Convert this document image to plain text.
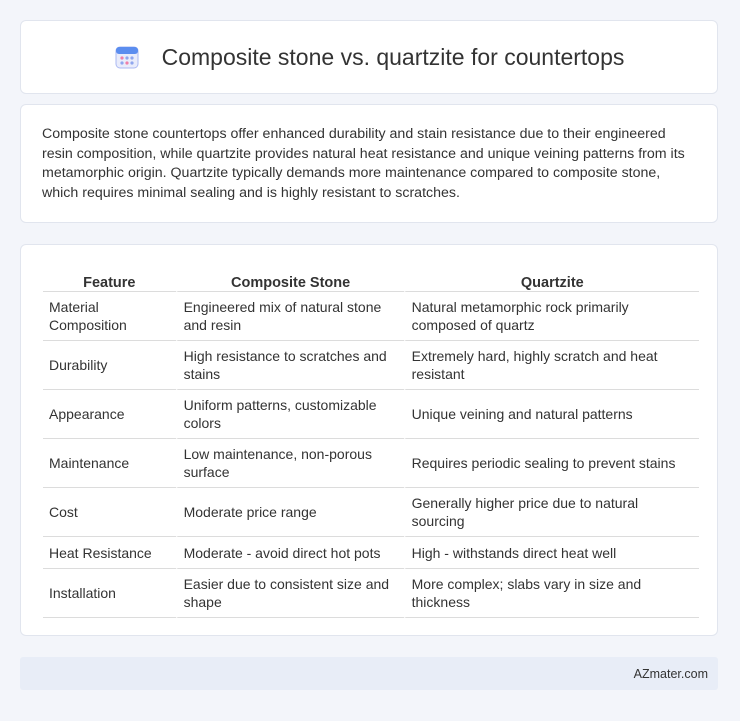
Composite stone vs. quartzite for countertops

Composite stone countertops offer enhanced durability and stain resistance due to their engineered resin composition, while quartzite provides natural heat resistance and unique veining patterns from its metamorphic origin. Quartzite typically demands more maintenance compared to composite stone, which requires minimal sealing and is highly resistant to scratches.

Feature	Composite Stone	Quartzite
Material Composition	Engineered mix of natural stone and resin	Natural metamorphic rock primarily composed of quartz
Durability	High resistance to scratches and stains	Extremely hard, highly scratch and heat resistant
Appearance	Uniform patterns, customizable colors	Unique veining and natural patterns
Maintenance	Low maintenance, non-porous surface	Requires periodic sealing to prevent stains
Cost	Moderate price range	Generally higher price due to natural sourcing
Heat Resistance	Moderate - avoid direct hot pots	High - withstands direct heat well
Installation	Easier due to consistent size and shape	More complex; slabs vary in size and thickness
AZmater.com
